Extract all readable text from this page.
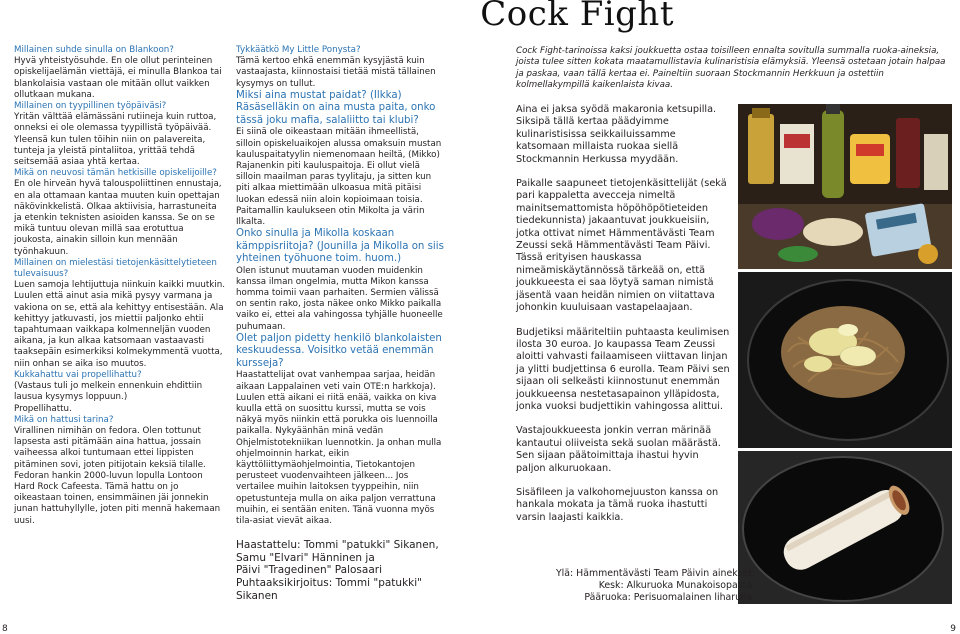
Cock Fight

Millainen suhde sinulla on Blankoon?

Hyvä yhteistyösuhde. En ole ollut perinteinen opiskelijaelämän viettäjä, ei minulla Blankoa tai blankolaisia vastaan ole mitään ollut vaikken ollutkaan mukana.

Millainen on tyypillinen työpäiväsi?

Yritän välttää elämässäni rutiineja kuin ruttoa, onneksi ei ole olemassa tyypillistä työpäivää. Yleensä kun tulen töihin niin on palavereita, tunteja ja yleistä pintaliitoa, yrittää tehdä seitsemää asiaa yhtä kertaa.

Mikä on neuvosi tämän hetkisille opiskelijoille?

En ole hirveän hyvä talouspoliittinen ennustaja, en ala ottamaan kantaa muuten kuin opettajan näkövinkkelistä. Olkaa aktiivisia, harrastuneita ja etenkin teknisten asioiden kanssa. Se on se mikä tuntuu olevan millä saa erotuttua joukosta, ainakin silloin kun mennään työnhakuun.

Millainen on mielestäsi tietojenkäsittelytieteen tulevaisuus?

Luen samoja lehtijuttuja niinkuin kaikki muutkin. Luulen että ainut asia mikä pysyy varmana ja vakiona on se, että ala kehittyy entisestään. Ala kehittyy jatkuvasti, jos miettii paljonko ehtii tapahtumaan vaikkapa kolmenneljän vuoden aikana, ja kun alkaa katsomaan vastaavasti taaksepäin esimerkiksi kolmekymmentä vuotta, niin onhan se aika iso muutos.

Kukkahattu vai propellihattu?

(Vastaus tuli jo melkein ennenkuin ehdittiin lausua kysymys loppuun.)
Propellihattu.

Mikä on hattusi tarina?

Virallinen nimihän on fedora. Olen tottunut lapsesta asti pitämään aina hattua, jossain vaiheessa alkoi tuntumaan ettei lippisten pitäminen sovi, joten pitijotain keksiä tilalle. Fedoran hankin 2000-luvun lopulla Lontoon Hard Rock Cafeesta. Tämä hattu on jo oikeastaan toinen, ensimmäinen jäi jonnekin junan hattuhyllylle, joten piti mennä hakemaan uusi.

Tykkäätkö My Little Ponysta?

Tämä kertoo ehkä enemmän kysyjästä kuin vastaajasta, kiinnostaisi tietää mistä tällainen kysymys on tullut.

Miksi aina mustat paidat? (Ilkka) Räsäselläkin on aina musta paita, onko tässä joku mafia, salaliitto tai klubi?

Ei siinä ole oikeastaan mitään ihmeellistä, silloin opiskeluaikojen alussa omaksuin mustan kauluspaitatyylin niemenomaan heiltä, (Mikko) Rajanenkin piti kauluspaitoja. Ei ollut vielä silloin maailman paras tyylitaju, ja sitten kun piti alkaa miettimään ulkoasua mitä pitäisi luokan edessä niin aloin kopioimaan toisia. Paitamallin kaulukseen otin Mikolta ja värin Ilkalta.

Onko sinulla ja Mikolla koskaan kämppisriitoja? (Jounilla ja Mikolla on siis yhteinen työhuone toim. huom.)

Olen istunut muutaman vuoden muidenkin kanssa ilman ongelmia, mutta Mikon kanssa homma toimii vaan parhaiten. Sermien välissä on sentin rako, josta näkee onko Mikko paikalla vaiko ei, ettei ala vahingossa tyhjälle huoneelle puhumaan.

Olet paljon pidetty henkilö blankolaisten keskuudessa. Voisitko vetää enemmän kursseja?

Haastattelijat ovat vanhempaa sarjaa, heidän aikaan Lappalainen veti vain OTE:n harkkoja). Luulen että aikani ei riitä enää, vaikka on kiva kuulla että on suosittu kurssi, mutta se vois näkyä myös niinkin että porukka ois luennoilla paikalla. Nykyäänhän minä vedän Ohjelmistotekniikan luennotkin. Ja onhan mulla ohjelmoinnin harkat, eikin käyttöliittymäohjelmointia, Tietokantojen perusteet vuodenvaihteen jälkeen... Jos vertailee muihin laitoksen tyyppeihin, niin opetustunteja mulla on aika paljon verrattuna muihin, ei sentään eniten. Tänä vuonna myös tila-asiat vievät aikaa.

Haastattelu: Tommi "patukki" Sikanen,
Samu "Elvari" Hänninen ja
Päivi "Tragedinen" Palosaari
Puhtaaksikirjoitus: Tommi "patukki" Sikanen

Cock Fight-tarinoissa kaksi joukkuetta ostaa toisilleen ennalta sovitulla summalla ruoka-aineksia, joista tulee sitten kokata maatamullistavia kulinaristisia elämyksiä. Yleensä ostetaan jotain halpaa ja paskaa, vaan tällä kertaa ei. Paineltiin suoraan Stockmannin Herkkuun ja ostettiin kolmellakympillä kaikenlaista kivaa.

Aina ei jaksa syödä makaronia ketsupilla. Siksipä tällä kertaa päädyimme kulinaristisissa seikkailuissamme katsomaan millaista ruokaa siellä Stockmannin Herkussa myydään.

Paikalle saapuneet tietojenkäsittelijät (sekä pari kappaletta avecceja nimeltä mainitsemattomista höpöhöpötieteiden tiedekunnista) jakaantuvat joukkueisiin, jotka ottivat nimet Hämmentävästi Team Zeussi sekä Hämmentävästi Team Päivi. Tässä erityisen hauskassa nimeämiskäytännössä tärkeää on, että joukkueesta ei saa löytyä saman nimistä jäsentä vaan heidän nimien on viitattava johonkin kuuluisaan vastapelaajaan.

Budjetiksi määriteltiin puhtaasta keulimisen ilosta 30 euroa. Jo kaupassa Team Zeussi aloitti vahvasti failaamiseen viittavan linjan ja ylitti budjettinsa 6 eurolla. Team Päivi sen sijaan oli selkeästi kiinnostunut enemmän joukkueensa nestetasapainon ylläpidosta, jonka vuoksi budjettikin vahingossa alittui.

Vastajoukkueesta jonkin verran märinää kantautui oliiveista sekä suolan määrästä. Sen sijaan päätoimittaja ihastui hyvin paljon alkuruokaan.

Sisäfileen ja valkohomejuuston kanssa on hankala mokata ja tämä ruoka ihastutti varsin laajasti kaikkia.

Ylä: Hämmentävästi Team Päivin ainekset.
Kesk: Alkuruoka Munakoisopasta.
Pääruoka: Perisuomalainen liharulla.
8	9
